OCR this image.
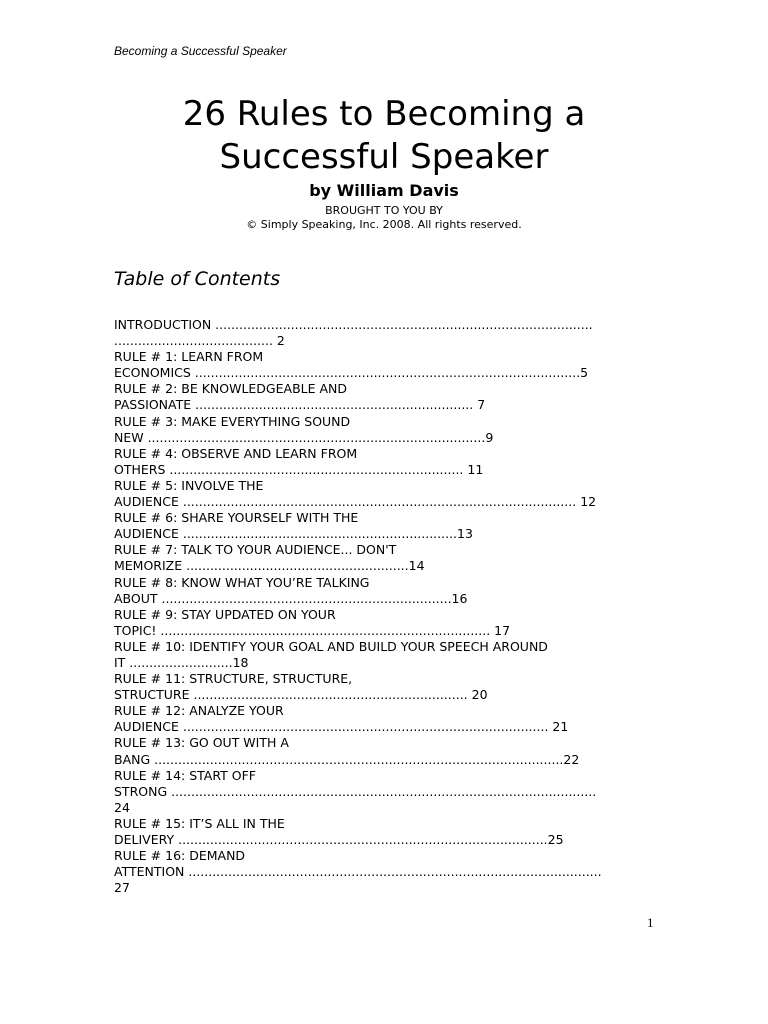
Becoming a Successful Speaker
26 Rules to Becoming a
Successful Speaker
by William Davis
BROUGHT TO YOU BY
© Simply Speaking, Inc. 2008. All rights reserved.
Table of Contents
INTRODUCTION ...............................................................................................
........................................ 2
RULE # 1: LEARN FROM
ECONOMICS .................................................................................................5
RULE # 2: BE KNOWLEDGEABLE AND
PASSIONATE ...................................................................... 7
RULE # 3: MAKE EVERYTHING SOUND
NEW .....................................................................................9
RULE # 4: OBSERVE AND LEARN FROM
OTHERS .......................................................................... 11
RULE # 5: INVOLVE THE
AUDIENCE ................................................................................................... 12
RULE # 6: SHARE YOURSELF WITH THE
AUDIENCE .....................................................................13
RULE # 7: TALK TO YOUR AUDIENCE... DON'T
MEMORIZE ........................................................14
RULE # 8: KNOW WHAT YOU’RE TALKING
ABOUT .........................................................................16
RULE # 9: STAY UPDATED ON YOUR
TOPIC! ................................................................................... 17
RULE # 10: IDENTIFY YOUR GOAL AND BUILD YOUR SPEECH AROUND
IT ..........................18
RULE # 11: STRUCTURE, STRUCTURE,
STRUCTURE ..................................................................... 20
RULE # 12: ANALYZE YOUR
AUDIENCE ............................................................................................ 21
RULE # 13: GO OUT WITH A
BANG .......................................................................................................22
RULE # 14: START OFF
STRONG ...........................................................................................................
24
RULE # 15: IT’S ALL IN THE
DELIVERY .............................................................................................25
RULE # 16: DEMAND
ATTENTION ........................................................................................................
27
1
